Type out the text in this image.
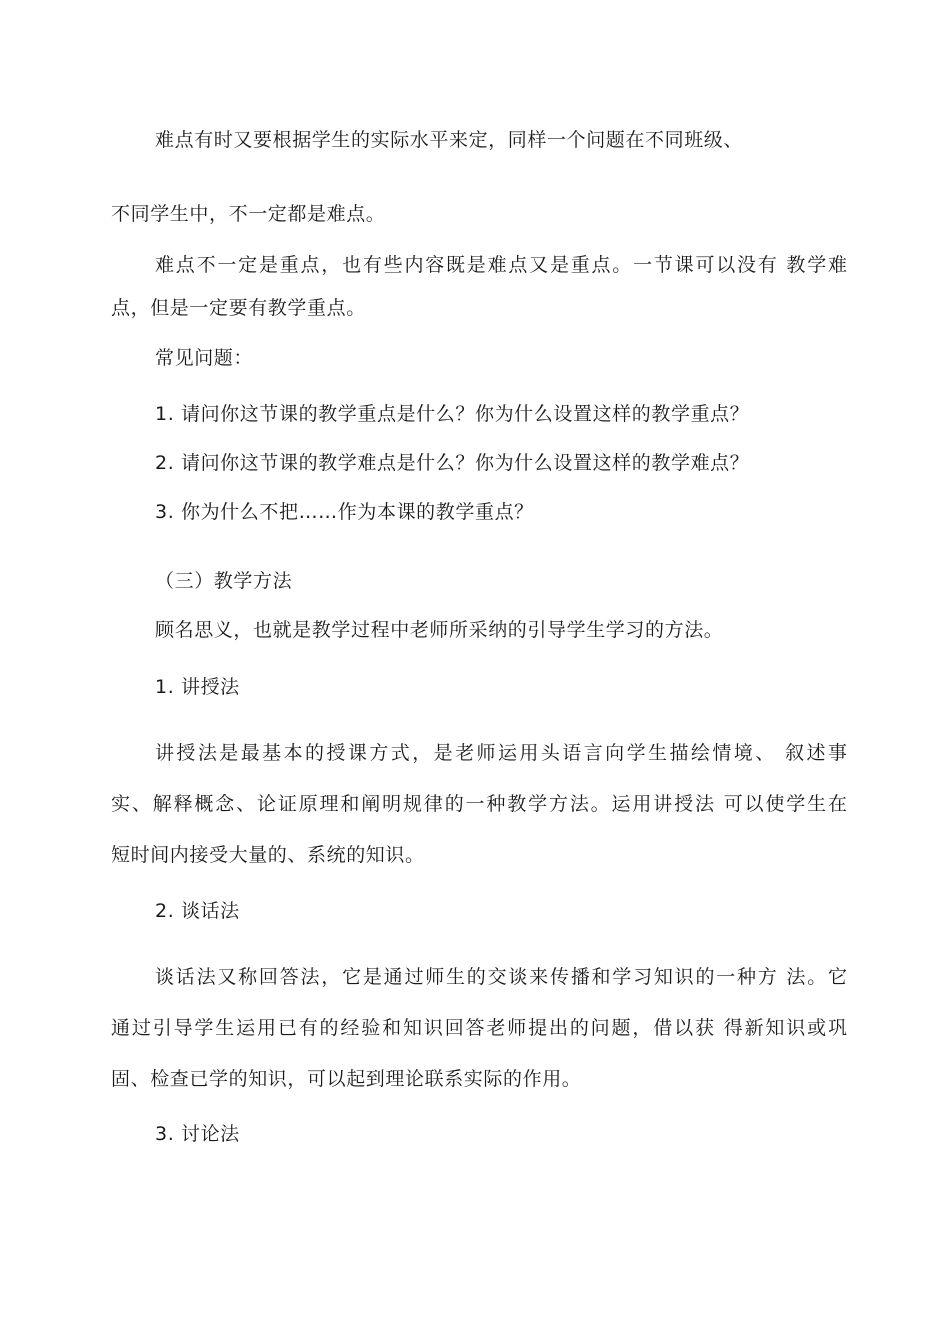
难点有时又要根据学生的实际水平来定，同样一个问题在不同班级、
不同学生中，不一定都是难点。
难点不一定是重点，也有些内容既是难点又是重点。一节课可以没有 教学难
点，但是一定要有教学重点。
常见问题：
1. 请问你这节课的教学重点是什么？你为什么设置这样的教学重点？
2. 请问你这节课的教学难点是什么？你为什么设置这样的教学难点？
3. 你为什么不把……作为本课的教学重点？
（三）教学方法
顾名思义，也就是教学过程中老师所采纳的引导学生学习的方法。
1. 讲授法
讲授法是最基本的授课方式，是老师运用头语言向学生描绘情境、 叙述事
实、解释概念、论证原理和阐明规律的一种教学方法。运用讲授法 可以使学生在
短时间内接受大量的、系统的知识。
2. 谈话法
谈话法又称回答法，它是通过师生的交谈来传播和学习知识的一种方 法。它
通过引导学生运用已有的经验和知识回答老师提出的问题，借以获 得新知识或巩
固、检查已学的知识，可以起到理论联系实际的作用。
3. 讨论法
